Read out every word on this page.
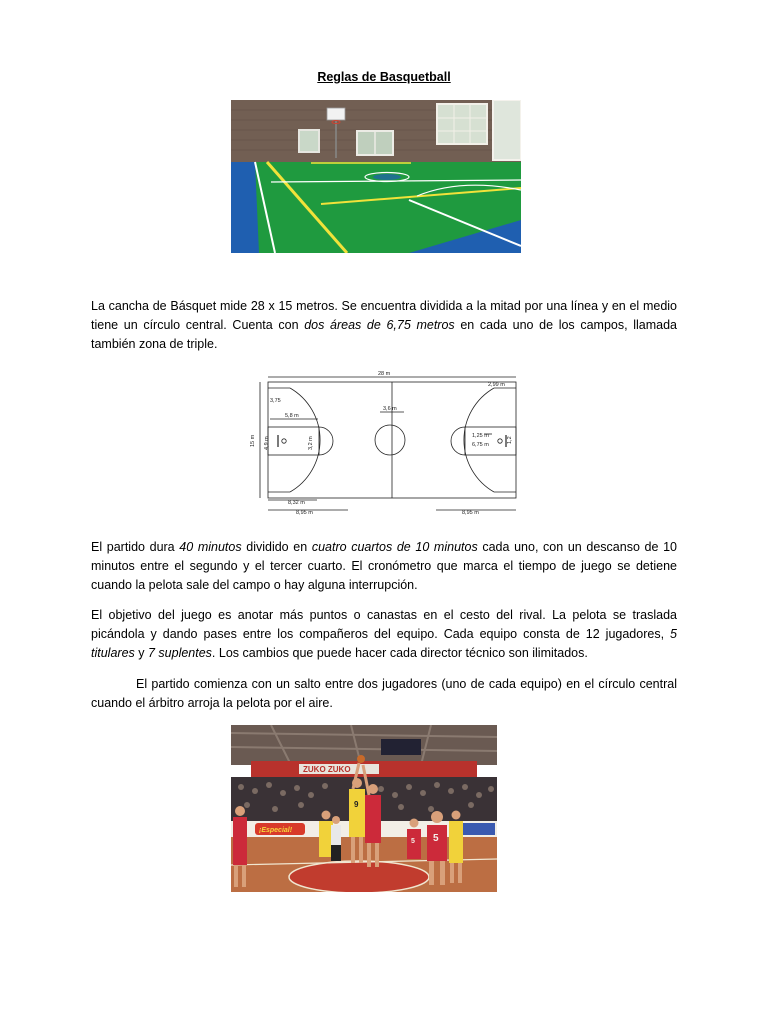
Reglas de Basquetball
La cancha de Básquet mide 28 x 15 metros. Se encuentra dividida a la mitad por una línea y en el medio tiene un círculo central. Cuenta con dos áreas de 6,75 metros en cada uno de los campos, llamada también zona de triple.
28 m
15 m
2,99 m
3,75
5,8 m
4,9 m	3,2 m
3,6 m
1,25 m
6,75 m
1,2
8,32 m
8,95 m	8,95 m
El partido dura 40 minutos dividido en cuatro cuartos de 10 minutos cada uno, con un descanso de 10 minutos entre el segundo y el tercer cuarto. El cronómetro que marca el tiempo de juego se detiene cuando la pelota sale del campo o hay alguna interrupción.
El objetivo del juego es anotar más puntos o canastas en el cesto del rival. La pelota se traslada picándola y dando pases entre los compañeros del equipo. Cada equipo consta de 12 jugadores, 5 titulares y 7 suplentes. Los cambios que puede hacer cada director técnico son ilimitados.
El partido comienza con un salto entre dos jugadores (uno de cada equipo) en el círculo central cuando el árbitro arroja la pelota por el aire.
ZUKO ZUKO
¡Especial!
9
5
5
